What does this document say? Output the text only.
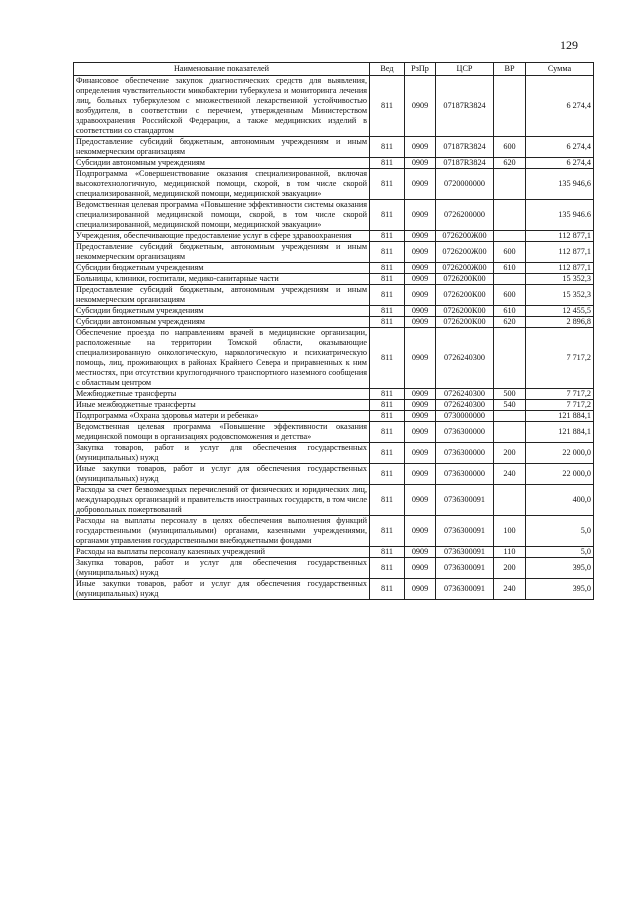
129
Наименование показателей	Вед	РзПр	ЦСР	ВР	Сумма
Финансовое обеспечение закупок диагностических средств для выявления, определения чувствительности микобактерии туберкулеза и мониторинга лечения лиц, больных туберкулезом с множественной лекарственной устойчивостью возбудителя, в соответствии с перечнем, утвержденным Министерством здравоохранения Российской Федерации, а также медицинских изделий в соответствии со стандартом	811	0909	07187R3824		6 274,4
Предоставление субсидий бюджетным, автономным учреждениям и иным некоммерческим организациям	811	0909	07187R3824	600	6 274,4
Субсидии автономным учреждениям	811	0909	07187R3824	620	6 274,4
Подпрограмма «Совершенствование оказания специализированной, включая высокотехнологичную, медицинской помощи, скорой, в том числе скорой специализированной, медицинской помощи, медицинской эвакуации»	811	0909	0720000000		135 946,6
Ведомственная целевая программа «Повышение эффективности системы оказания специализированной медицинской помощи, скорой, в том числе скорой специализированной, медицинской помощи, медицинской эвакуации»	811	0909	0726200000		135 946.6
Учреждения, обеспечивающие предоставление услуг в сфере здравоохранения	811	0909	0726200Ж00		112 877,1
Предоставление субсидий бюджетным, автономным учреждениям и иным некоммерческим организациям	811	0909	0726200Ж00	600	112 877,1
Субсидии бюджетным учреждениям	811	0909	0726200Ж00	610	112 877,1
Больницы, клиники, госпитали, медико-санитарные части	811	0909	0726200К00		15 352,3
Предоставление субсидий бюджетным, автономным учреждениям и иным некоммерческим организациям	811	0909	0726200К00	600	15 352,3
Субсидии бюджетным учреждениям	811	0909	0726200К00	610	12 455,5
Субсидии автономным учреждениям	811	0909	0726200К00	620	2 896,8
Обеспечение проезда по направлениям врачей в медицинские организации, расположенные на территории Томской области, оказывающие специализированную онкологическую, наркологическую и психиатрическую помощь, лиц, проживающих в районах Крайнего Севера и приравненных к ним местностях, при отсутствии круглогодичного транспортного наземного сообщения с областным центром	811	0909	0726240300		7 717,2
Межбюджетные трансферты	811	0909	0726240300	500	7 717,2
Иные межбюджетные трансферты	811	0909	0726240300	540	7 717,2
Подпрограмма «Охрана здоровья матери и ребенка»	811	0909	0730000000		121 884,1
Ведомственная целевая программа «Повышение эффективности оказания медицинской помощи в организациях родовспоможения и детства»	811	0909	0736300000		121 884,1
Закупка товаров, работ и услуг для обеспечения государственных (муниципальных) нужд	811	0909	0736300000	200	22 000,0
Иные закупки товаров, работ и услуг для обеспечения государственных (муниципальных) нужд	811	0909	0736300000	240	22 000,0
Расходы за счет безвозмездных перечислений от физических и юридических лиц, международных организаций и правительств иностранных государств, в том числе добровольных пожертвований	811	0909	0736300091		400,0
Расходы на выплаты персоналу в целях обеспечения выполнения функций государственными (муниципальными) органами, казенными учреждениями, органами управления государственными внебюджетными фондами	811	0909	0736300091	100	5,0
Расходы на выплаты персоналу казенных учреждений	811	0909	0736300091	110	5,0
Закупка товаров, работ и услуг для обеспечения государственных (муниципальных) нужд	811	0909	0736300091	200	395,0
Иные закупки товаров, работ и услуг для обеспечения государственных (муниципальных) нужд	811	0909	0736300091	240	395,0
